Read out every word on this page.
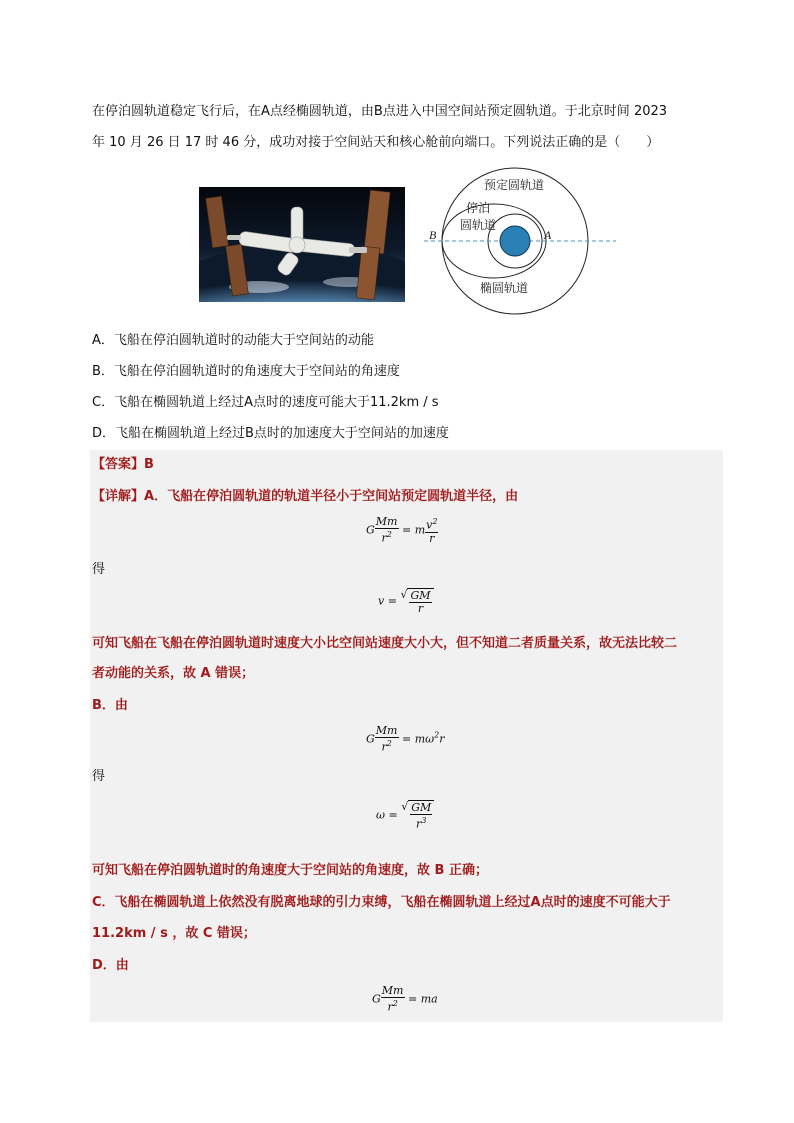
在停泊圆轨道稳定飞行后，在A点经椭圆轨道，由B点进入中国空间站预定圆轨道。于北京时间 2023
年 10 月 26 日 17 时 46 分，成功对接于空间站天和核心舱前向端口。下列说法正确的是（　　）
预定圆轨道
停泊
圆轨道
椭圆轨道
B	A
A．飞船在停泊圆轨道时的动能大于空间站的动能
B．飞船在停泊圆轨道时的角速度大于空间站的角速度
C．飞船在椭圆轨道上经过A点时的速度可能大于11.2km / s
D．飞船在椭圆轨道上经过B点时的加速度大于空间站的加速度
【答案】B
【详解】A．飞船在停泊圆轨道的轨道半径小于空间站预定圆轨道半径，由
G $\frac{Mm}{r^2} = m \frac{v^2}{r}$
得
v = √ $\frac{GM}{r}$
可知飞船在飞船在停泊圆轨道时速度大小比空间站速度大小大，但不知道二者质量关系，故无法比较二
者动能的关系，故 A 错误；
B．由
G $\frac{Mm}{r^2} = m\omega^2r$
得
ω = √ $\frac{GM}{r^3}$
可知飞船在停泊圆轨道时的角速度大于空间站的角速度，故 B 正确；
C．飞船在椭圆轨道上依然没有脱离地球的引力束缚，飞船在椭圆轨道上经过A点时的速度不可能大于
11.2km / s ，故 C 错误；
D．由
G $\frac{Mm}{r^2}$ = ma
